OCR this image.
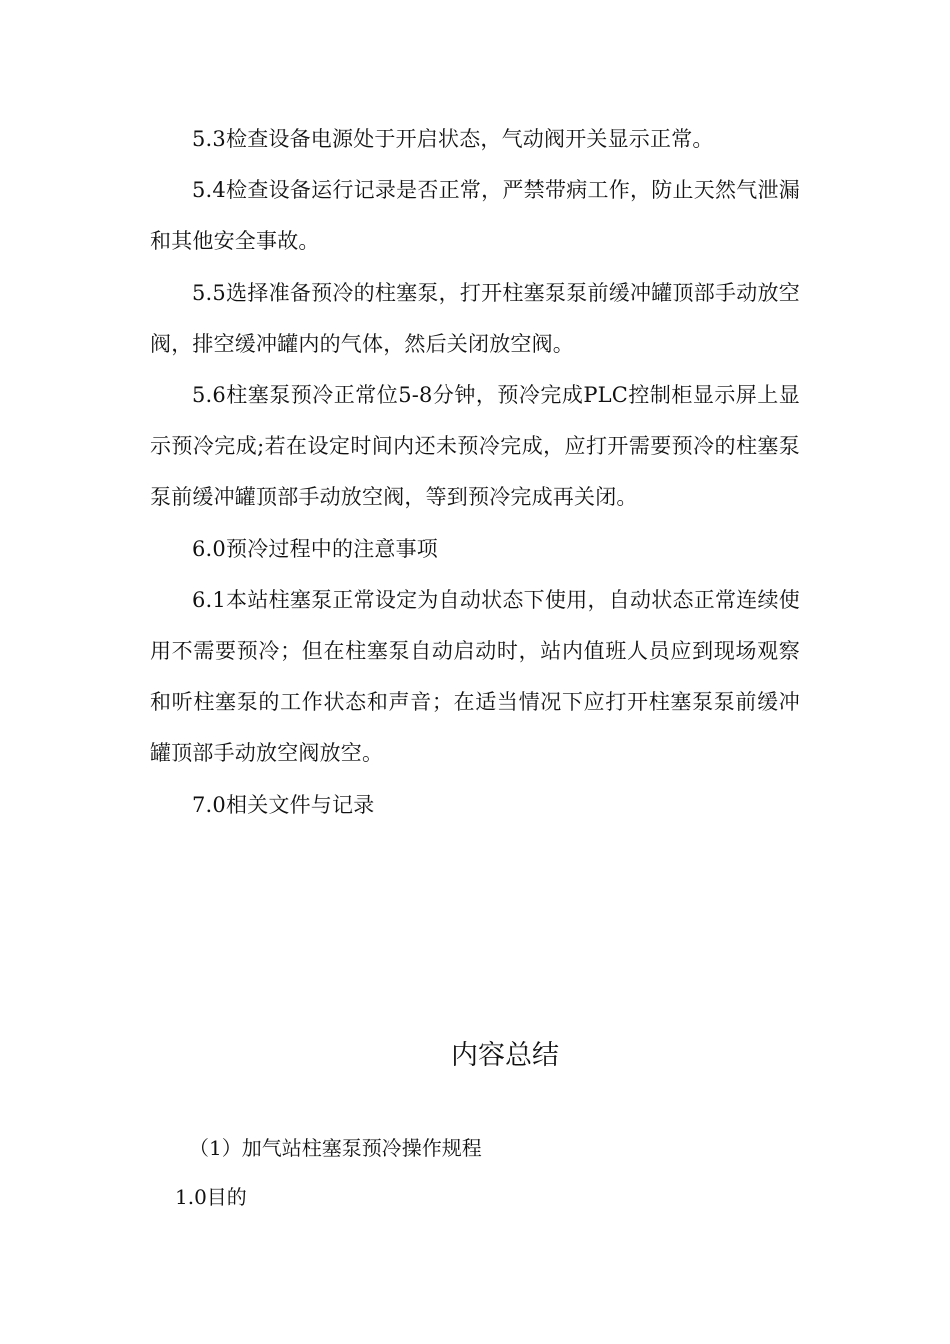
5.3检查设备电源处于开启状态，气动阀开关显示正常。

5.4检查设备运行记录是否正常，严禁带病工作，防止天然气泄漏和其他安全事故。

5.5选择准备预冷的柱塞泵，打开柱塞泵泵前缓冲罐顶部手动放空阀，排空缓冲罐内的气体，然后关闭放空阀。

5.6柱塞泵预冷正常位5-8分钟，预冷完成PLC控制柜显示屏上显示预冷完成;若在设定时间内还未预冷完成，应打开需要预冷的柱塞泵泵前缓冲罐顶部手动放空阀，等到预冷完成再关闭。

6.0预冷过程中的注意事项

6.1本站柱塞泵正常设定为自动状态下使用，自动状态正常连续使用不需要预冷；但在柱塞泵自动启动时，站内值班人员应到现场观察和听柱塞泵的工作状态和声音；在适当情况下应打开柱塞泵泵前缓冲罐顶部手动放空阀放空。

7.0相关文件与记录

内容总结

（1）加气站柱塞泵预冷操作规程

1.0目的
